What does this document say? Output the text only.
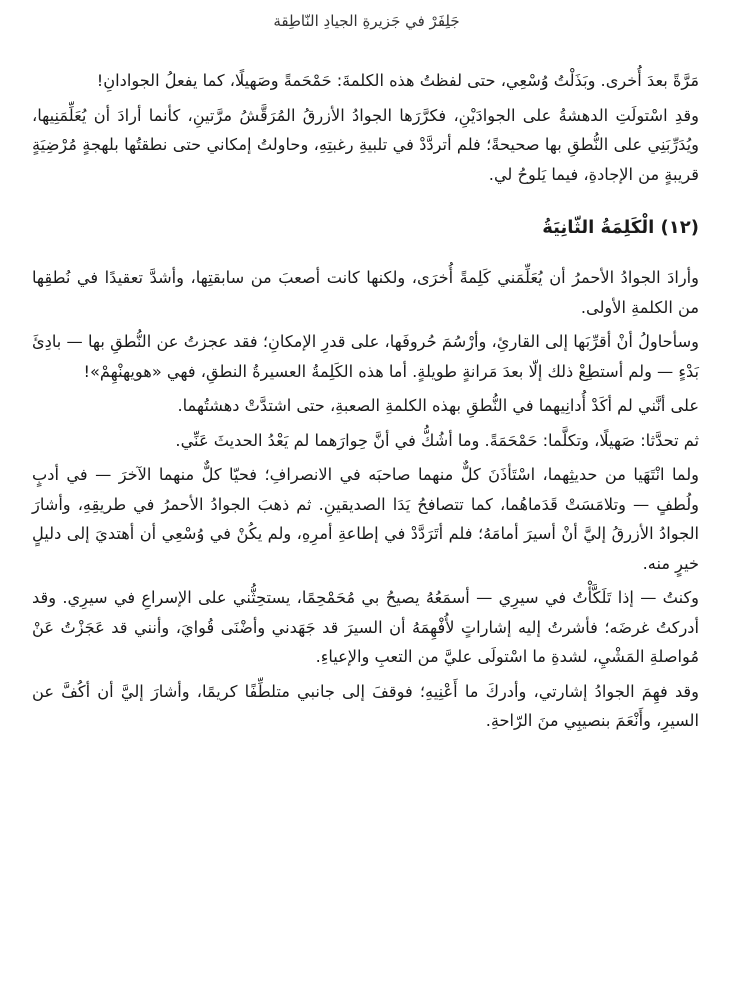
جَلِفَرْ في جَزيرةِ الجيادِ النّاطِقة

مَرَّةً بعدَ أُخرى. وبَذَلْتُ وُسْعِي، حتى لفظتُ هذه الكلمةَ: حَمْحَمةً وصَهيلًا، كما يفعلُ الجوادانِ!

وقدِ اسْتولَتِ الدهشةُ على الجوادَيْنِ، فكرَّرَها الجوادُ الأزرقُ المُرَقَّشُ مرَّتينِ، كأنما أرادَ أن يُعَلِّمَنِيها، ويُدَرِّبَنِي على النُّطقِ بها صحيحةً؛ فلم أتردَّدْ في تلبيةِ رغبتِهِ، وحاولتُ إمكاني حتى نطقتُها بلهجةٍ مُرْضِيَةٍ قريبةٍ من الإجادةِ، فيما يَلوحُ لي.

(١٢) الْكَلِمَةُ الثّانِيَةُ

وأرادَ الجوادُ الأحمرُ أن يُعَلِّمَني كَلِمةً أُخرَى، ولكنها كانت أصعبَ من سابقتِها، وأشدَّ تعقيدًا في نُطقِها من الكلمةِ الأولى.

وسأحاولُ أنْ أقرِّبَها إلى القارئِ، وأرْسُمَ حُروفَها، على قدرِ الإمكانِ؛ فقد عجزتُ عن النُّطقِ بها — بادِئَ بَدْءٍ — ولم أستطِعْ ذلك إلّا بعدَ مَرانةٍ طويلةٍ. أما هذه الكَلِمةُ العسيرةُ النطقِ، فهي «هويهنْهِمْ»!

على أنَّني لم أكَدْ أُدانِيهما في النُّطقِ بهذه الكلمةِ الصعبةِ، حتى اشتدَّتْ دهشتُهما.

ثم تحدَّثا: صَهيلًا، وتكلَّما: حَمْحَمَةً. وما أشُكُّ في أنَّ حِوارَهما لم يَعْدُ الحديثَ عَنِّي.

ولما انْتَهَيا من حديثِهما، اسْتَأذَنَ كلٌّ منهما صاحبَه في الانصرافِ؛ فحيّا كلٌّ منهما الآخرَ — في أدبٍ ولُطفٍ — وتلامَسَتْ قَدَماهُما، كما تتصافحُ يَدَا الصديقينِ. ثم ذهبَ الجوادُ الأحمرُ في طريقِهِ، وأشارَ الجوادُ الأزرقُ إليَّ أنْ أسيرَ أمامَهُ؛ فلم أتَرَدَّدْ في إطاعةِ أمرِهِ، ولم يكُنْ في وُسْعِي أن أهتديَ إلى دليلٍ خيرٍ منه.

وكنتُ — إذا تَلَكَّأْتُ في سيرِي — أسمَعُهُ يصيحُ بي مُحَمْحِمًا، يستحِثُّني على الإسراعِ في سيرِي. وقد أدركتُ غرضَه؛ فأشرتُ إليه إشاراتٍ لأُفْهِمَهُ أن السيرَ قد جَهَدني وأضْنَى قُوايَ، وأنني قد عَجَزْتُ عَنْ مُواصلةِ المَشْيِ، لشدةِ ما اسْتولَى عليَّ من التعبِ والإعياءِ.

وقد فهِمَ الجوادُ إشارتي، وأدركَ ما أَعْنِيهِ؛ فوقفَ إلى جانبي متلطِّفًا كريمًا، وأشارَ إليَّ أن أكُفَّ عن السيرِ، وأَنْعَمَ بنصيبِي منَ الرّاحةِ.
